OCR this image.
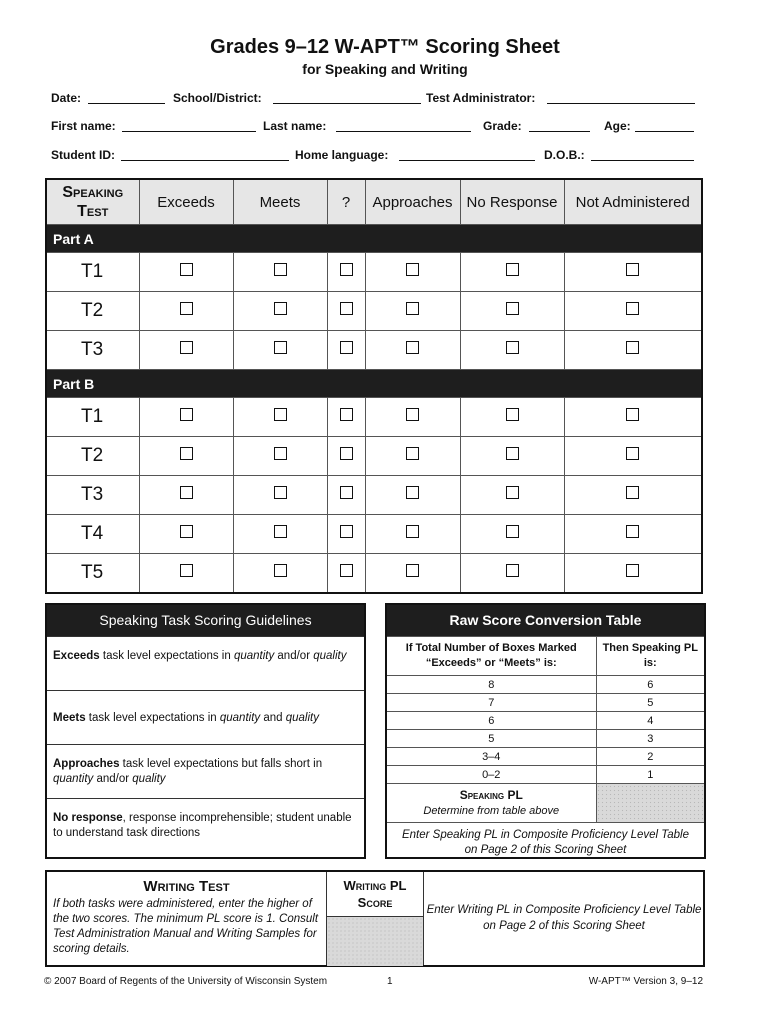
Grades 9–12 W-APT™ Scoring Sheet
for Speaking and Writing
Date:	School/District:	Test Administrator:
First name:	Last name:	Grade:	Age:
Student ID:	Home language:	D.O.B.:
Speaking
Test	Exceeds	Meets	?	Approaches	No Response	Not Administered
Part A						
T1						
T2						
T3						
Part B						
T1						
T2						
T3						
T4						
T5						
Speaking Task Scoring Guidelines
Exceeds task level expectations in quantity and/or quality
Meets task level expectations in quantity and quality
Approaches task level expectations but falls short in quantity and/or quality
No response, response incomprehensible; student unable to understand task directions
Raw Score Conversion Table
If Total Number of Boxes Marked “Exceeds” or “Meets” is:	Then Speaking PL is:
8	6
7	5
6	4
5	3
3–4	2
0–2	1
Speaking PL
Determine from table above	
Enter Speaking PL in Composite Proficiency Level Table on Page 2 of this Scoring Sheet	
Writing Test
If both tasks were administered, enter the higher of the two scores. The minimum PL score is 1. Consult Test Administration Manual and Writing Samples for scoring details.
Writing PL
Score	Enter Writing PL in Composite Proficiency Level Table on Page 2 of this Scoring Sheet
© 2007 Board of Regents of the University of Wisconsin System	1	W-APT™ Version 3, 9–12
